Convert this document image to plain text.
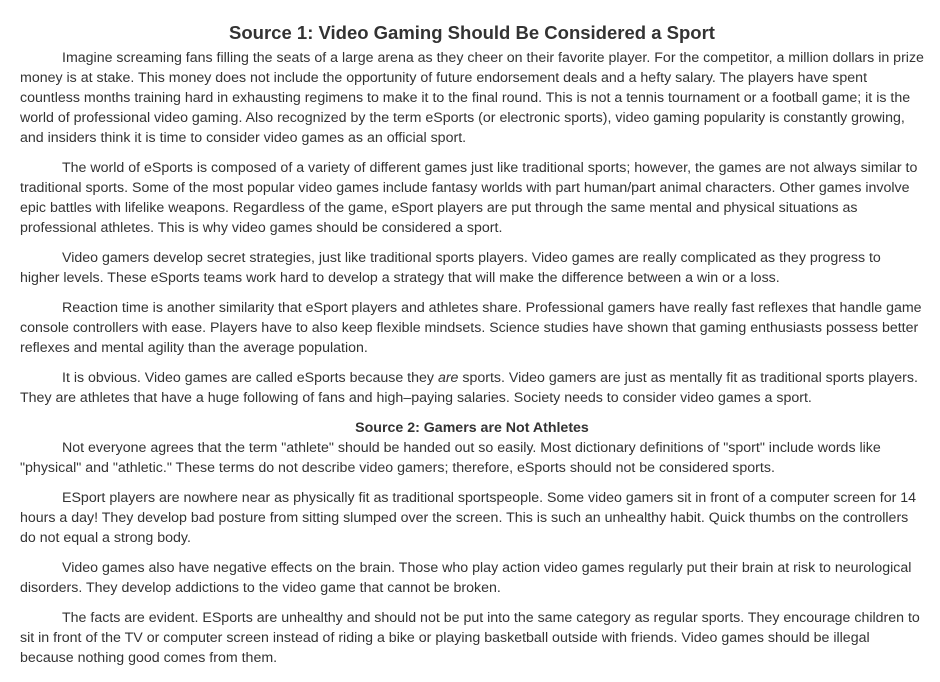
Source 1: Video Gaming Should Be Considered a Sport

Imagine screaming fans filling the seats of a large arena as they cheer on their favorite player. For the competitor, a million dollars in prize money is at stake. This money does not include the opportunity of future endorsement deals and a hefty salary. The players have spent countless months training hard in exhausting regimens to make it to the final round. This is not a tennis tournament or a football game; it is the world of professional video gaming. Also recognized by the term eSports (or electronic sports), video gaming popularity is constantly growing, and insiders think it is time to consider video games as an official sport.

The world of eSports is composed of a variety of different games just like traditional sports; however, the games are not always similar to traditional sports. Some of the most popular video games include fantasy worlds with part human/part animal characters. Other games involve epic battles with lifelike weapons. Regardless of the game, eSport players are put through the same mental and physical situations as professional athletes. This is why video games should be considered a sport.

Video gamers develop secret strategies, just like traditional sports players. Video games are really complicated as they progress to higher levels. These eSports teams work hard to develop a strategy that will make the difference between a win or a loss.

Reaction time is another similarity that eSport players and athletes share. Professional gamers have really fast reflexes that handle game console controllers with ease. Players have to also keep flexible mindsets. Science studies have shown that gaming enthusiasts possess better reflexes and mental agility than the average population.

It is obvious. Video games are called eSports because they are sports. Video gamers are just as mentally fit as traditional sports players. They are athletes that have a huge following of fans and high–paying salaries. Society needs to consider video games a sport.

Source 2: Gamers are Not Athletes

Not everyone agrees that the term "athlete" should be handed out so easily. Most dictionary definitions of "sport" include words like "physical" and "athletic." These terms do not describe video gamers; therefore, eSports should not be considered sports.

ESport players are nowhere near as physically fit as traditional sportspeople. Some video gamers sit in front of a computer screen for 14 hours a day! They develop bad posture from sitting slumped over the screen. This is such an unhealthy habit. Quick thumbs on the controllers do not equal a strong body.

Video games also have negative effects on the brain. Those who play action video games regularly put their brain at risk to neurological disorders. They develop addictions to the video game that cannot be broken.

The facts are evident. ESports are unhealthy and should not be put into the same category as regular sports. They encourage children to sit in front of the TV or computer screen instead of riding a bike or playing basketball outside with friends. Video games should be illegal because nothing good comes from them.
